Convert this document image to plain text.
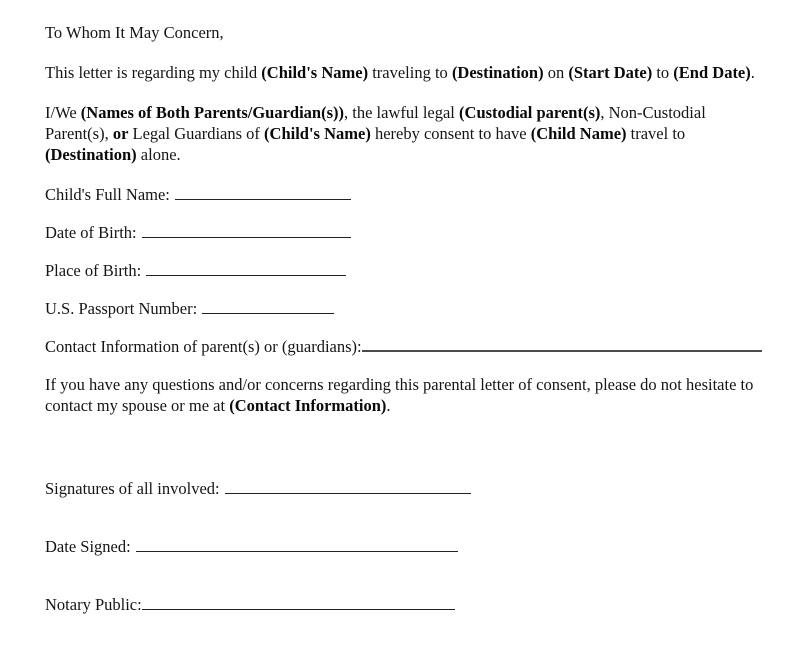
To Whom It May Concern,

This letter is regarding my child (Child's Name) traveling to (Destination) on (Start Date) to (End Date).

I/We (Names of Both Parents/Guardian(s)), the lawful legal (Custodial parent(s), Non-Custodial Parent(s), or Legal Guardians of (Child's Name) hereby consent to have (Child Name) travel to (Destination) alone.

Child's Full Name:
Date of Birth:
Place of Birth:
U.S. Passport Number:
Contact Information of parent(s) or (guardians):

If you have any questions and/or concerns regarding this parental letter of consent, please do not hesitate to contact my spouse or me at (Contact Information).

Signatures of all involved:
Date Signed:
Notary Public:
